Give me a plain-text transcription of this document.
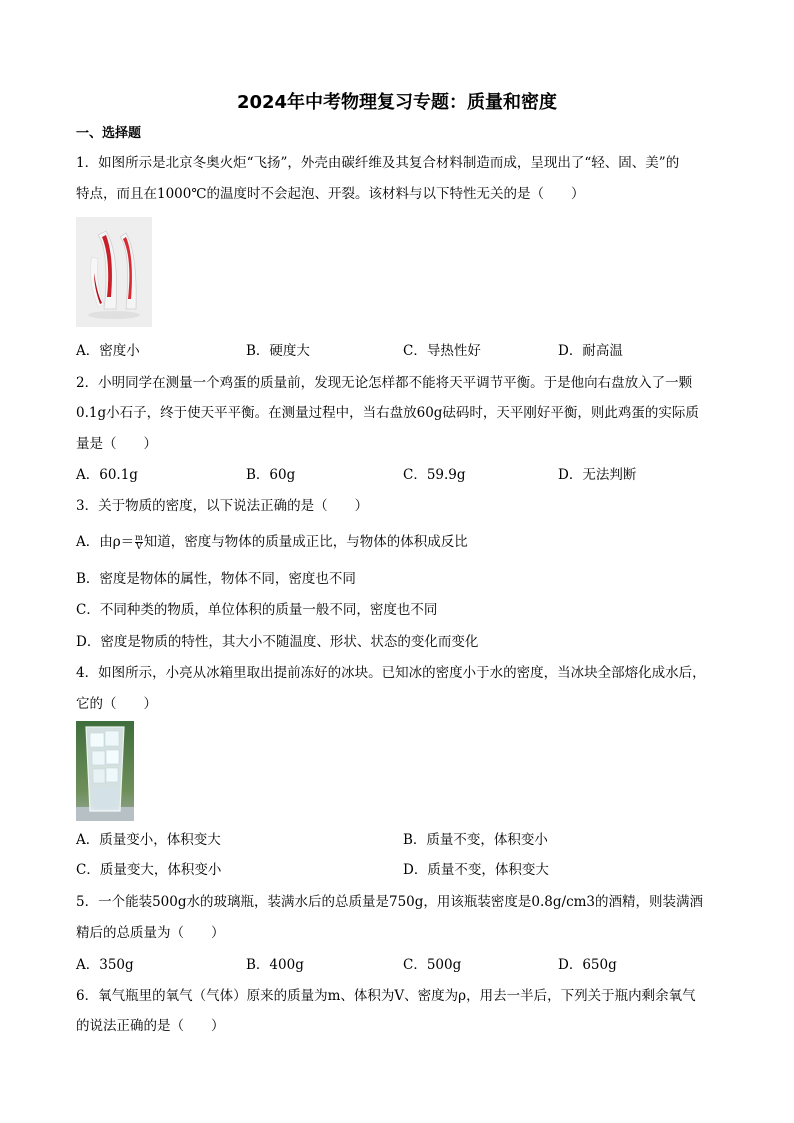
2024年中考物理复习专题：质量和密度
一、选择题
1．如图所示是北京冬奥火炬“飞扬”，外壳由碳纤维及其复合材料制造而成，呈现出了“轻、固、美”的
特点，而且在1000℃的温度时不会起泡、开裂。该材料与以下特性无关的是（　　）
A．密度小	B．硬度大	C．导热性好	D．耐高温
2．小明同学在测量一个鸡蛋的质量前，发现无论怎样都不能将天平调节平衡。于是他向右盘放入了一颗
0.1g小石子，终于使天平平衡。在测量过程中，当右盘放60g砝码时，天平刚好平衡，则此鸡蛋的实际质
量是（　　）
A．60.1g	B．60g	C．59.9g	D．无法判断
3．关于物质的密度，以下说法正确的是（　　）
A．由$\rho= \frac{m}{V}$ 知道，密度与物体的质量成正比，与物体的体积成反比
B．密度是物体的属性，物体不同，密度也不同
C．不同种类的物质，单位体积的质量一般不同，密度也不同
D．密度是物质的特性，其大小不随温度、形状、状态的变化而变化
4．如图所示，小亮从冰箱里取出提前冻好的冰块。已知冰的密度小于水的密度，当冰块全部熔化成水后，
它的（　　）
A．质量变小，体积变大	B．质量不变，体积变小
C．质量变大，体积变小	D．质量不变，体积变大
5．一个能装500g水的玻璃瓶，装满水后的总质量是750g，用该瓶装密度是0.8g/cm3的酒精，则装满酒
精后的总质量为（　　）
A．350g	B．400g	C．500g	D．650g
6．氧气瓶里的氧气（气体）原来的质量为m、体积为V、密度为ρ，用去一半后，下列关于瓶内剩余氧气
的说法正确的是（　　）
